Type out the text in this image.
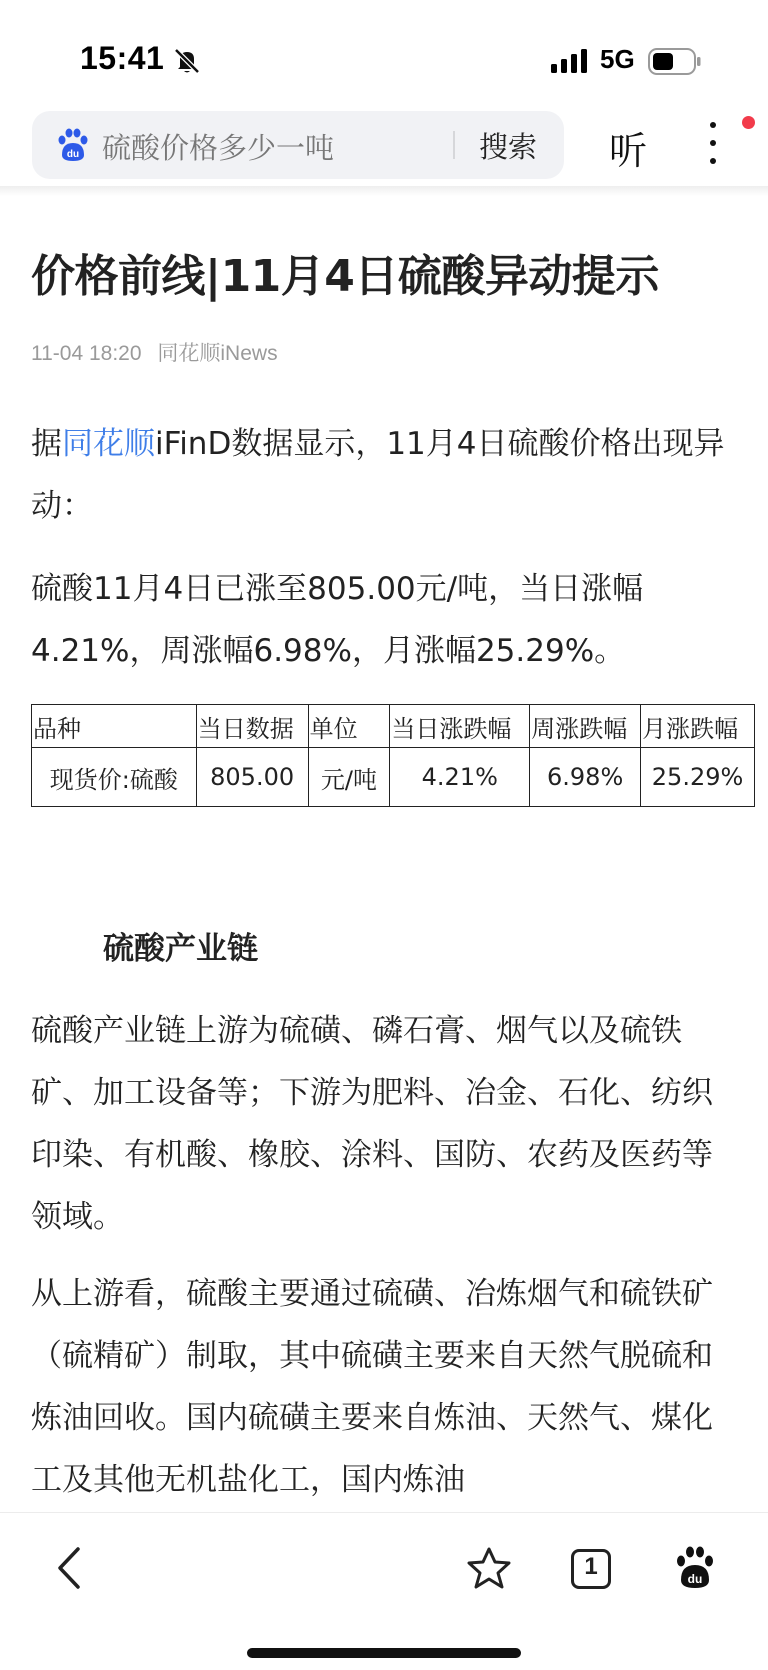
15:41	5G
du 硫酸价格多少一吨	搜索 听
价格前线|11月4日硫酸异动提示
11-04 18:20 同花顺iNews

据同花顺iFinD数据显示，11月4日硫酸价格出现异动：

硫酸11月4日已涨至805.00元/吨，当日涨幅4.21%，周涨幅6.98%，月涨幅25.29%。

品种	当日数据	单位	当日涨跌幅	周涨跌幅	月涨跌幅
现货价:硫酸	805.00	元/吨	4.21%	6.98%	25.29%
硫酸产业链

硫酸产业链上游为硫磺、磷石膏、烟气以及硫铁矿、加工设备等；下游为肥料、冶金、石化、纺织印染、有机酸、橡胶、涂料、国防、农药及医药等领域。

从上游看，硫酸主要通过硫磺、冶炼烟气和硫铁矿（硫精矿）制取，其中硫磺主要来自天然气脱硫和炼油回收。国内硫磺主要来自炼油、天然气、煤化工及其他无机盐化工，国内炼油

1	du
